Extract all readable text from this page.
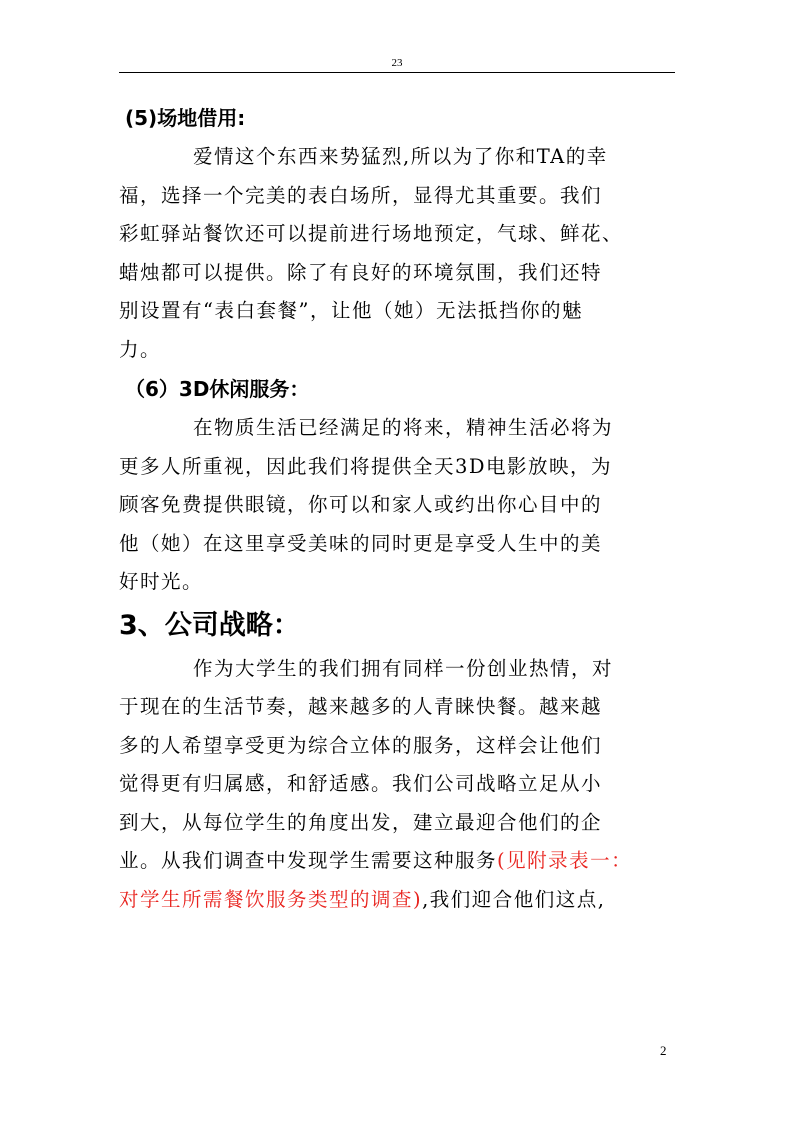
23
(5)场地借用:
爱情这个东西来势猛烈,所以为了你和TA的幸
福，选择一个完美的表白场所，显得尤其重要。我们
彩虹驿站餐饮还可以提前进行场地预定，气球、鲜花、
蜡烛都可以提供。除了有良好的环境氛围，我们还特
别设置有“表白套餐”，让他（她）无法抵挡你的魅
力。
（6）3D休闲服务：
在物质生活已经满足的将来，精神生活必将为
更多人所重视，因此我们将提供全天3D电影放映，为
顾客免费提供眼镜，你可以和家人或约出你心目中的
他（她）在这里享受美味的同时更是享受人生中的美
好时光。
3、公司战略：
作为大学生的我们拥有同样一份创业热情，对
于现在的生活节奏，越来越多的人青睐快餐。越来越
多的人希望享受更为综合立体的服务，这样会让他们
觉得更有归属感，和舒适感。我们公司战略立足从小
到大，从每位学生的角度出发，建立最迎合他们的企
业。从我们调查中发现学生需要这种服务(见附录表一：
对学生所需餐饮服务类型的调查),我们迎合他们这点,
2
